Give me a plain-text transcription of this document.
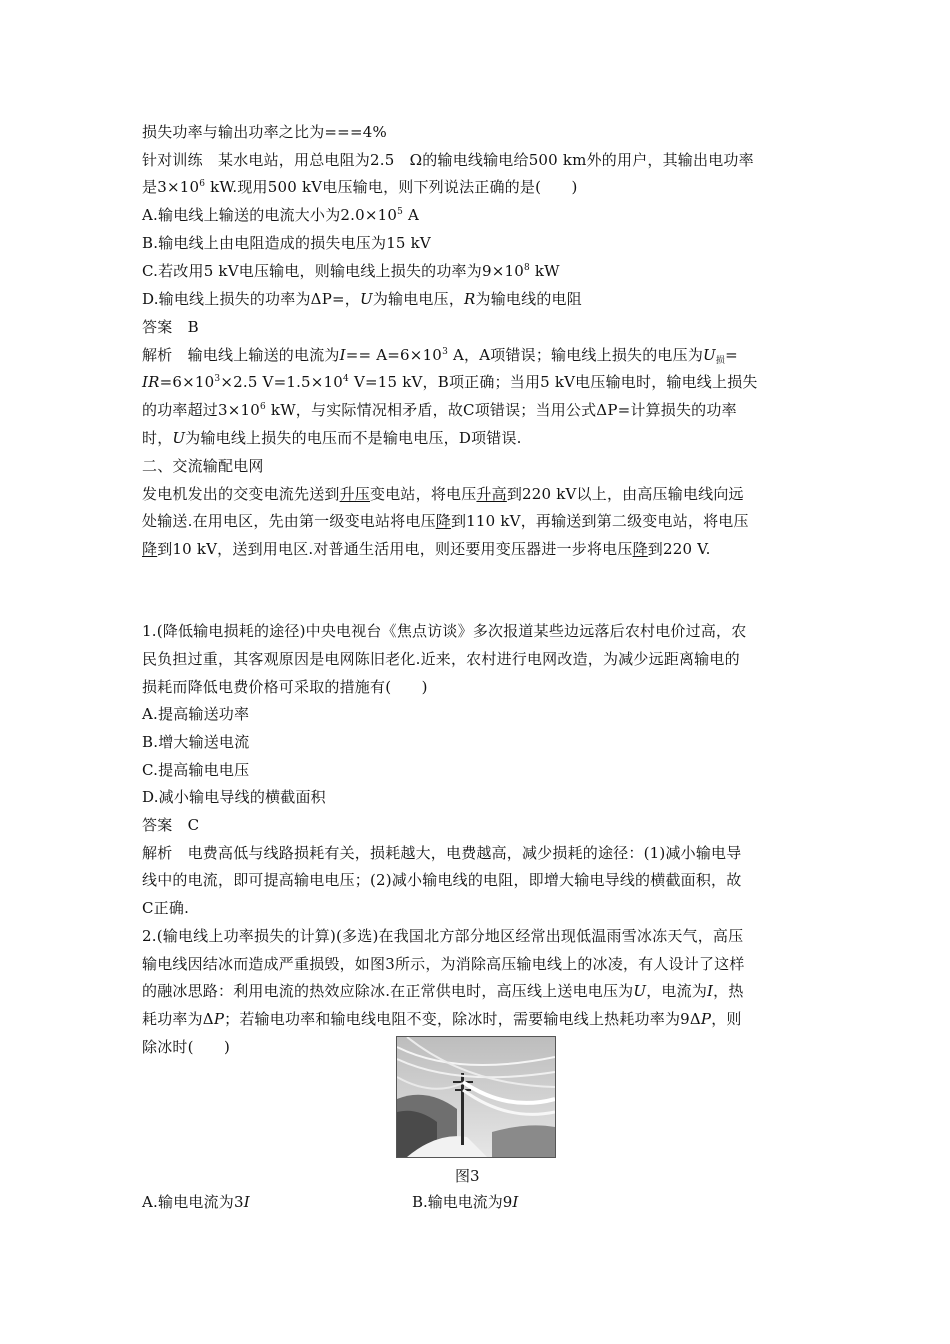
损失功率与输出功率之比为===4%
针对训练　某水电站，用总电阻为2.5　Ω的输电线输电给500 km外的用户，其输出电功率
是$3\times 10^6$ kW.现用500 kV电压输电，则下列说法正确的是(　　)
A.输电线上输送的电流大小为$2.0\times 10^5$ A
B.输电线上由电阻造成的损失电压为15 kV
C.若改用5 kV电压输电，则输电线上损失的功率为$9\times 10^8$ kW
D.输电线上损失的功率为ΔP=，U为输电电压，R为输电线的电阻
答案　B
解析　输电线上输送的电流为$I== A=6\times 10^3$ A，A项错误；输电线上损失的电压为$U_损=$
$IR=6\times 10^3\times 2.5$ $V=1.5\times 10^4$ V=15 kV，B项正确；当用5 kV电压输电时，输电线上损失
的功率超过$3\times 10^6$ kW，与实际情况相矛盾，故C项错误；当用公式ΔP=计算损失的功率
时，U为输电线上损失的电压而不是输电电压，D项错误.
二、交流输配电网
发电机发出的交变电流先送到升压变电站，将电压升高到220 kV以上，由高压输电线向远
处输送.在用电区，先由第一级变电站将电压降到110 kV，再输送到第二级变电站，将电压
降到10 kV，送到用电区.对普通生活用电，则还要用变压器进一步将电压降到220 V.
1.(降低输电损耗的途径)中央电视台《焦点访谈》多次报道某些边远落后农村电价过高，农
民负担过重，其客观原因是电网陈旧老化.近来，农村进行电网改造，为减少远距离输电的
损耗而降低电费价格可采取的措施有(　　)
A.提高输送功率
B.增大输送电流
C.提高输电电压
D.减小输电导线的横截面积
答案　C
解析　电费高低与线路损耗有关，损耗越大，电费越高，减少损耗的途径：(1)减小输电导
线中的电流，即可提高输电电压；(2)减小输电线的电阻，即增大输电导线的横截面积，故
C正确.
2.(输电线上功率损失的计算)(多选)在我国北方部分地区经常出现低温雨雪冰冻天气，高压
输电线因结冰而造成严重损毁，如图3所示，为消除高压输电线上的冰凌，有人设计了这样
的融冰思路：利用电流的热效应除冰.在正常供电时，高压线上送电电压为U，电流为I，热
耗功率为ΔP；若输电功率和输电线电阻不变，除冰时，需要输电线上热耗功率为9ΔP，则
除冰时(　　)
图3
A.输电电流为3I	B.输电电流为9I
